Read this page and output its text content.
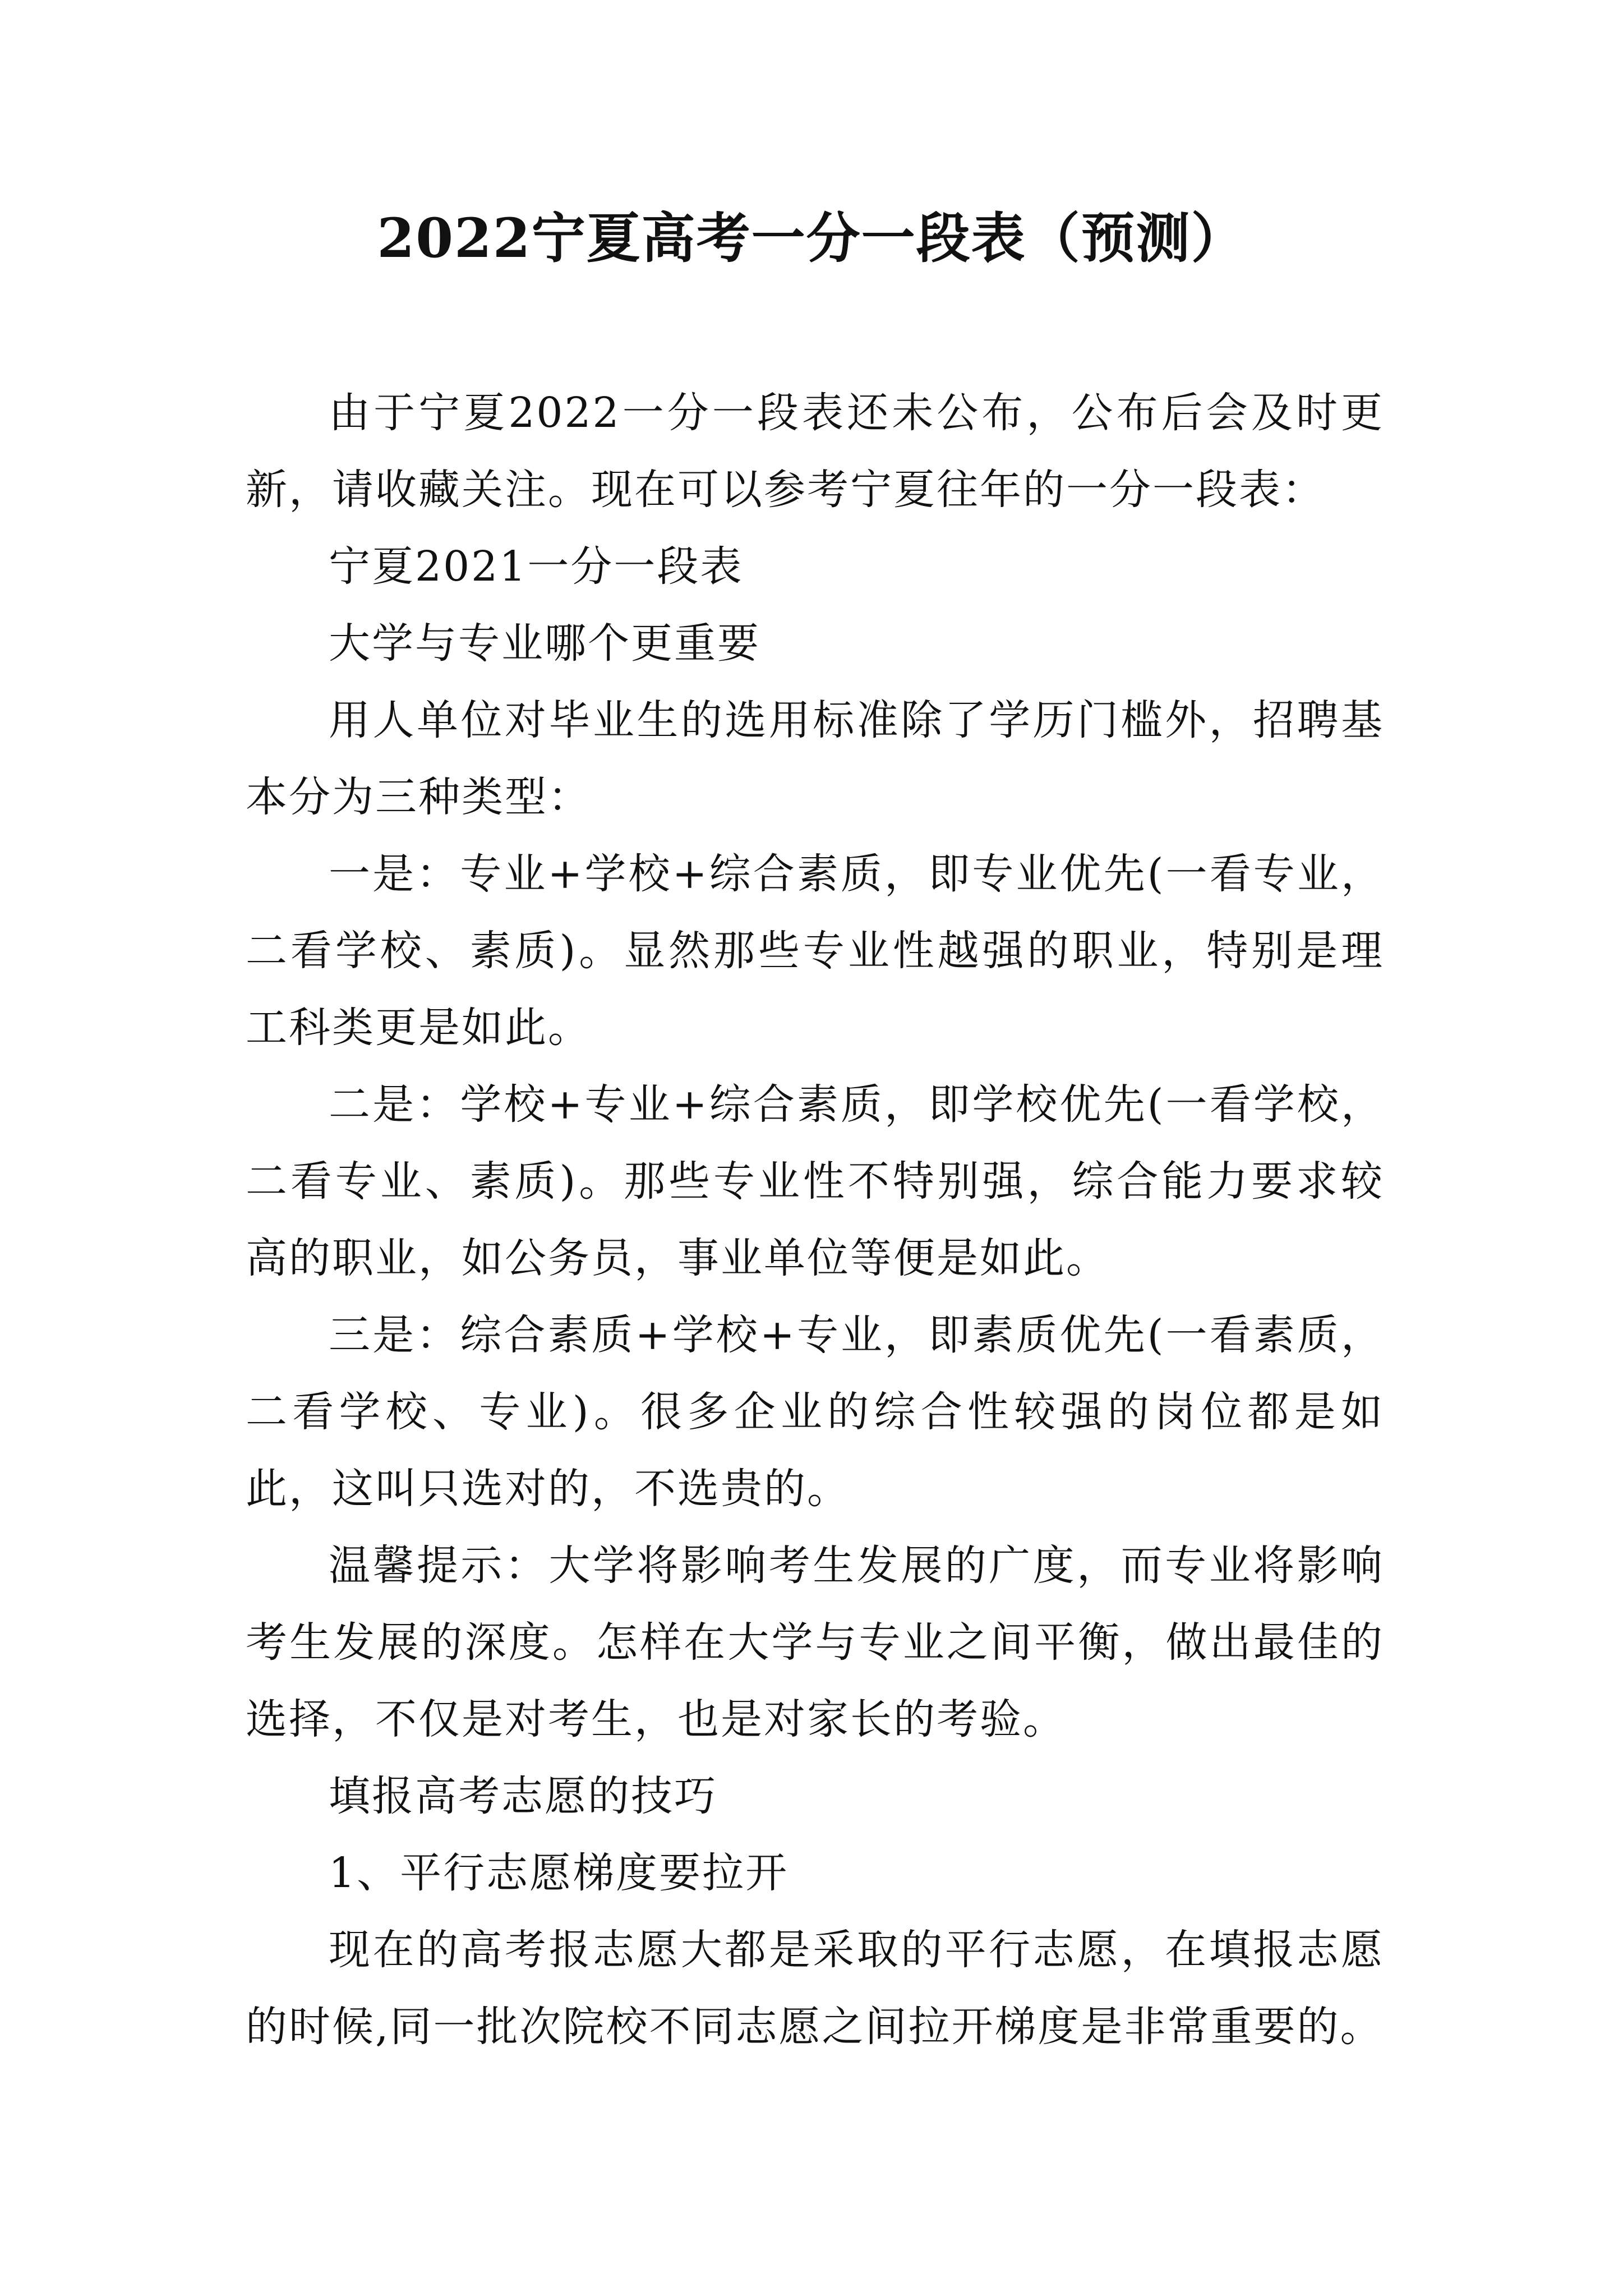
2022宁夏高考一分一段表（预测）

由于宁夏2022一分一段表还未公布，公布后会及时更新，请收藏关注。现在可以参考宁夏往年的一分一段表：

宁夏2021一分一段表

大学与专业哪个更重要

用人单位对毕业生的选用标准除了学历门槛外，招聘基本分为三种类型：

一是：专业+学校+综合素质，即专业优先(一看专业，二看学校、素质)。显然那些专业性越强的职业，特别是理工科类更是如此。

二是：学校+专业+综合素质，即学校优先(一看学校，二看专业、素质)。那些专业性不特别强，综合能力要求较高的职业，如公务员，事业单位等便是如此。

三是：综合素质+学校+专业，即素质优先(一看素质，二看学校、专业)。很多企业的综合性较强的岗位都是如此，这叫只选对的，不选贵的。

温馨提示：大学将影响考生发展的广度，而专业将影响考生发展的深度。怎样在大学与专业之间平衡，做出最佳的选择，不仅是对考生，也是对家长的考验。

填报高考志愿的技巧

1、平行志愿梯度要拉开

现在的高考报志愿大都是采取的平行志愿，在填报志愿的时候,同一批次院校不同志愿之间拉开梯度是非常重要的。
